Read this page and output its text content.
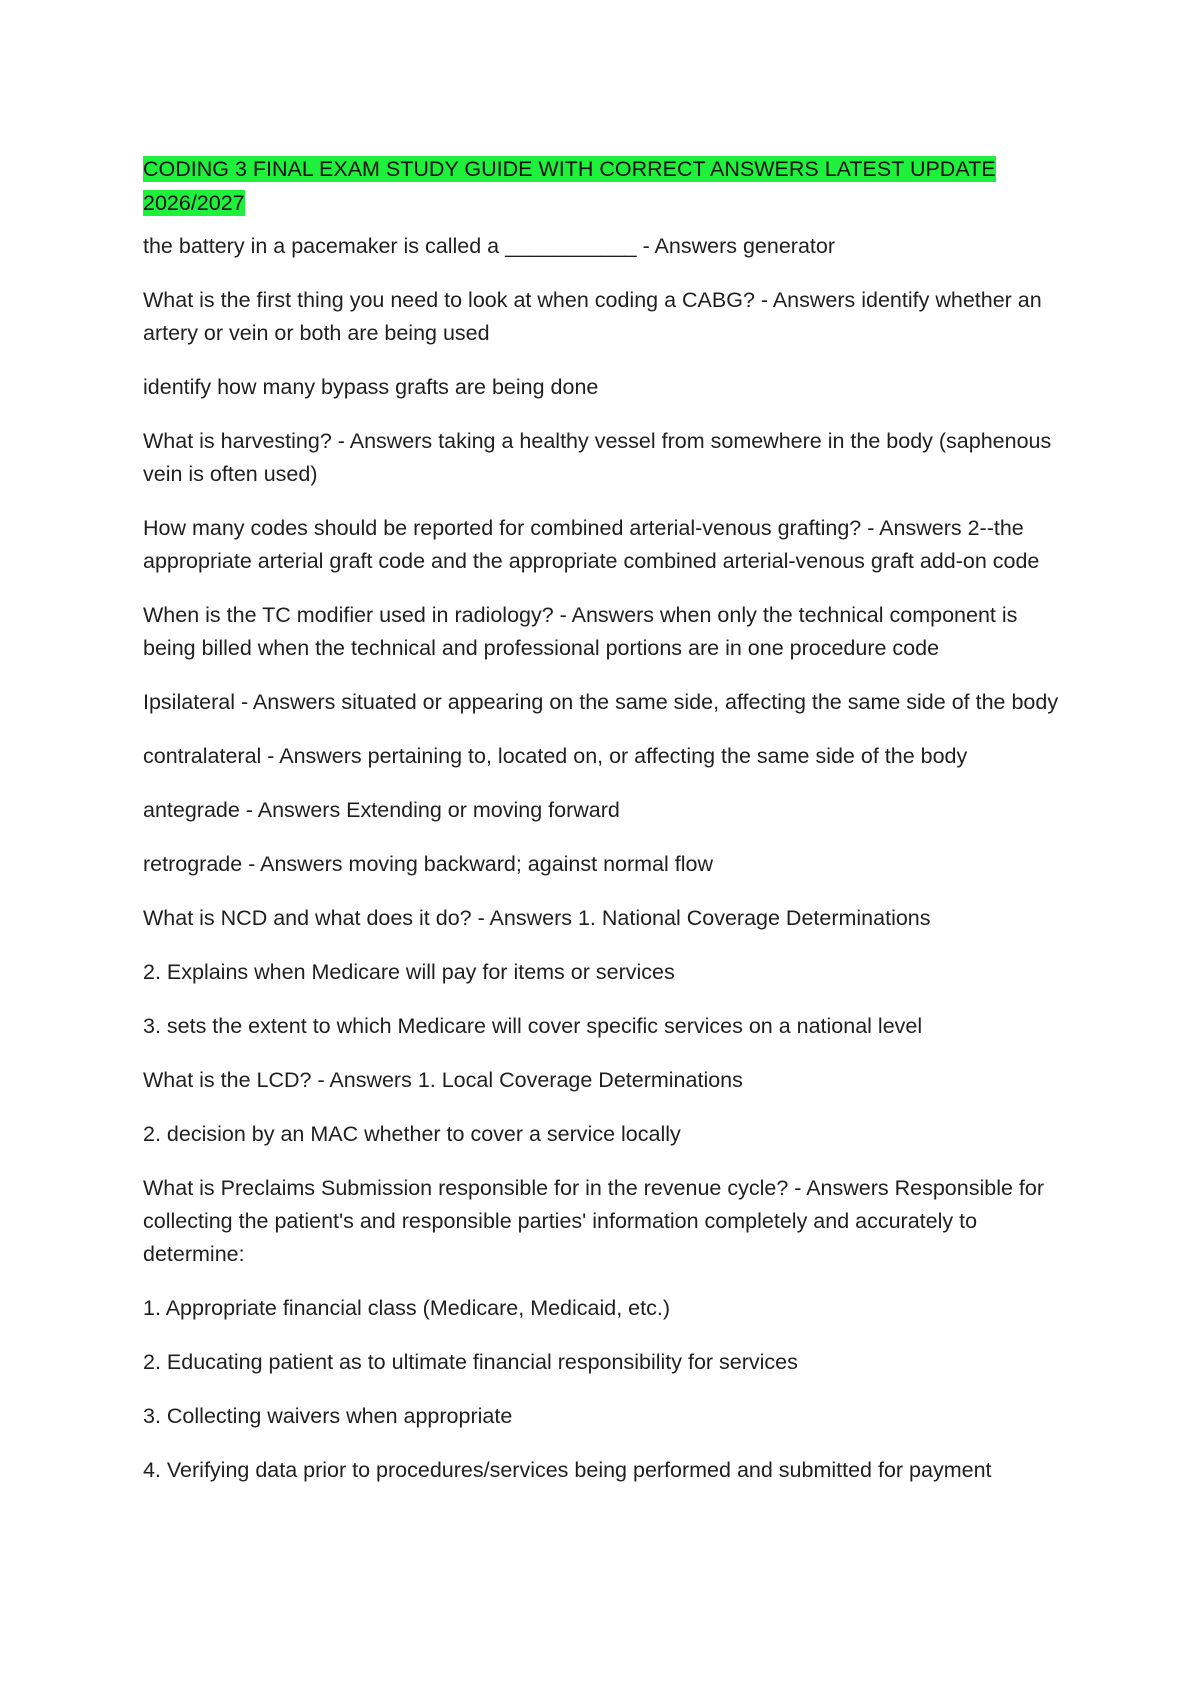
CODING 3 FINAL EXAM STUDY GUIDE WITH CORRECT ANSWERS LATEST UPDATE 2026/2027

the battery in a pacemaker is called a ___________ - Answers generator

What is the first thing you need to look at when coding a CABG? - Answers identify whether an artery or vein or both are being used

identify how many bypass grafts are being done

What is harvesting? - Answers taking a healthy vessel from somewhere in the body (saphenous vein is often used)

How many codes should be reported for combined arterial-venous grafting? - Answers 2--the appropriate arterial graft code and the appropriate combined arterial-venous graft add-on code

When is the TC modifier used in radiology? - Answers when only the technical component is being billed when the technical and professional portions are in one procedure code

Ipsilateral - Answers situated or appearing on the same side, affecting the same side of the body

contralateral - Answers pertaining to, located on, or affecting the same side of the body

antegrade - Answers Extending or moving forward

retrograde - Answers moving backward; against normal flow

What is NCD and what does it do? - Answers 1. National Coverage Determinations

2. Explains when Medicare will pay for items or services

3. sets the extent to which Medicare will cover specific services on a national level

What is the LCD? - Answers 1. Local Coverage Determinations

2. decision by an MAC whether to cover a service locally

What is Preclaims Submission responsible for in the revenue cycle? - Answers Responsible for collecting the patient's and responsible parties' information completely and accurately to determine:

1. Appropriate financial class (Medicare, Medicaid, etc.)

2. Educating patient as to ultimate financial responsibility for services

3. Collecting waivers when appropriate

4. Verifying data prior to procedures/services being performed and submitted for payment
